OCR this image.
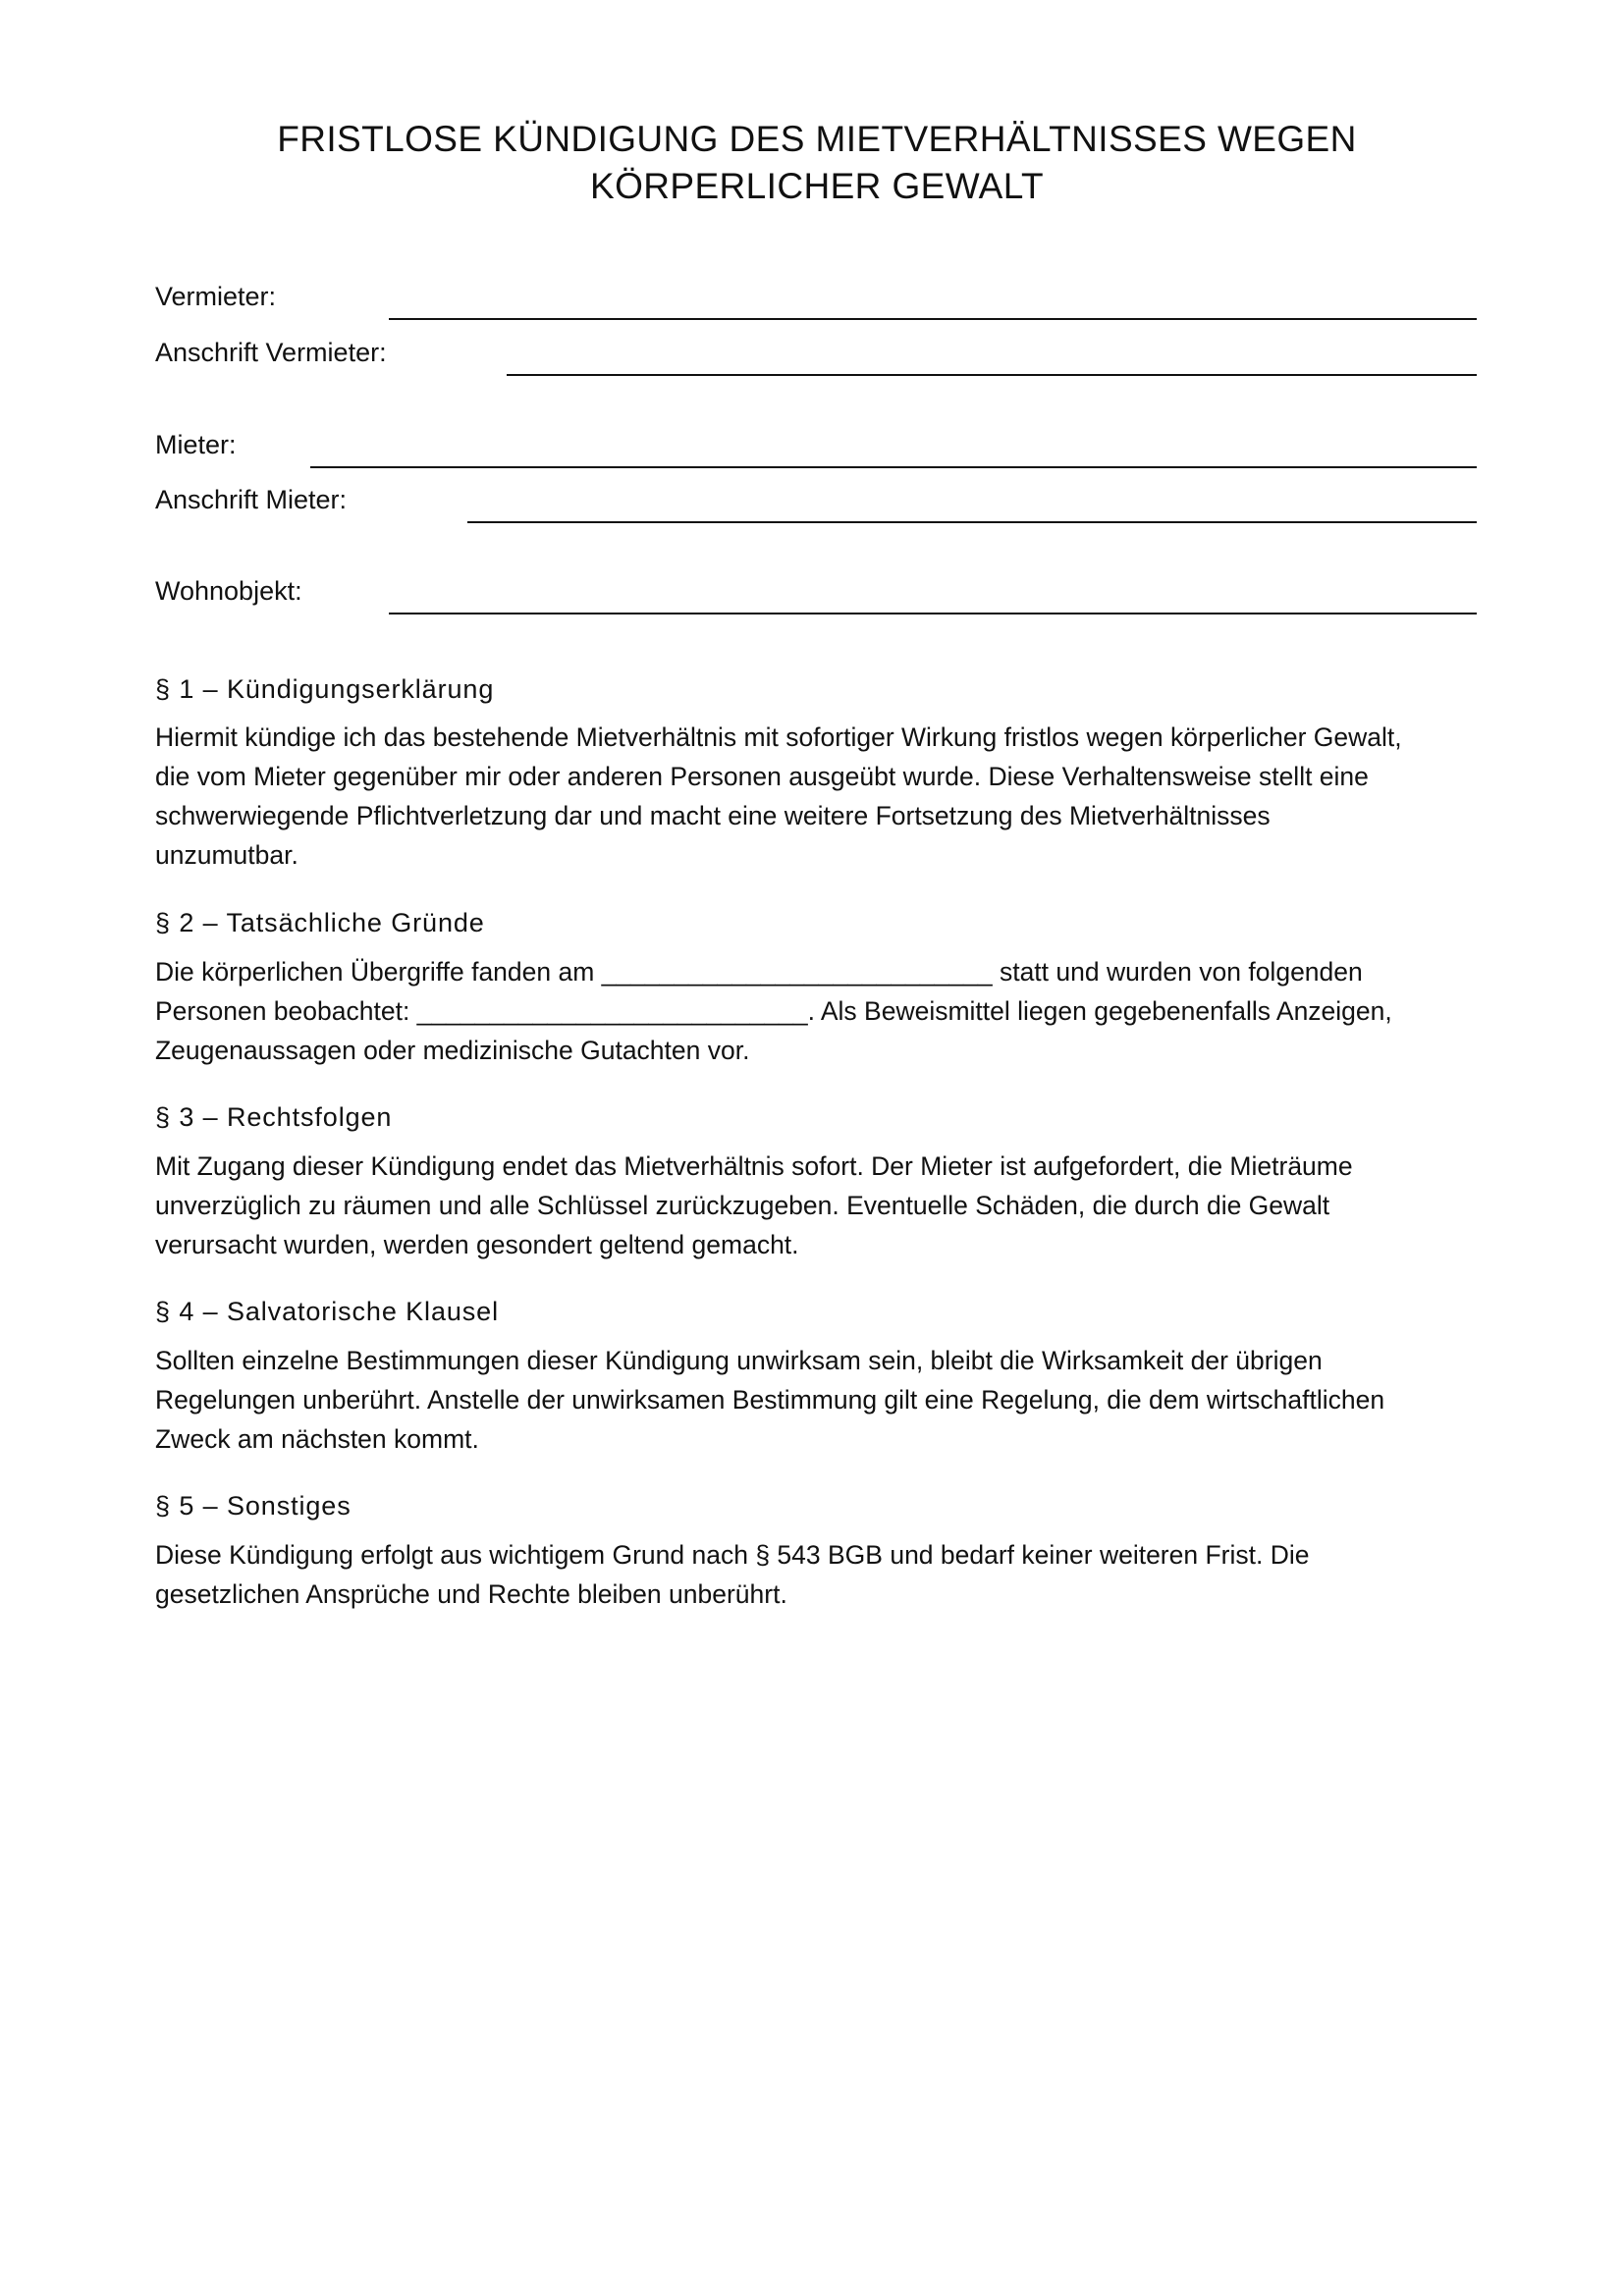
FRISTLOSE KÜNDIGUNG DES MIETVERHÄLTNISSES WEGEN
KÖRPERLICHER GEWALT
Vermieter:
Anschrift Vermieter:
Mieter:
Anschrift Mieter:
Wohnobjekt:
§ 1 – Kündigungserklärung
Hiermit kündige ich das bestehende Mietverhältnis mit sofortiger Wirkung fristlos wegen körperlicher Gewalt,
die vom Mieter gegenüber mir oder anderen Personen ausgeübt wurde. Diese Verhaltensweise stellt eine
schwerwiegende Pflichtverletzung dar und macht eine weitere Fortsetzung des Mietverhältnisses
unzumutbar.
§ 2 – Tatsächliche Gründe
Die körperlichen Übergriffe fanden am ___________________________ statt und wurden von folgenden
Personen beobachtet: ___________________________. Als Beweismittel liegen gegebenenfalls Anzeigen,
Zeugenaussagen oder medizinische Gutachten vor.
§ 3 – Rechtsfolgen
Mit Zugang dieser Kündigung endet das Mietverhältnis sofort. Der Mieter ist aufgefordert, die Mieträume
unverzüglich zu räumen und alle Schlüssel zurückzugeben. Eventuelle Schäden, die durch die Gewalt
verursacht wurden, werden gesondert geltend gemacht.
§ 4 – Salvatorische Klausel
Sollten einzelne Bestimmungen dieser Kündigung unwirksam sein, bleibt die Wirksamkeit der übrigen
Regelungen unberührt. Anstelle der unwirksamen Bestimmung gilt eine Regelung, die dem wirtschaftlichen
Zweck am nächsten kommt.
§ 5 – Sonstiges
Diese Kündigung erfolgt aus wichtigem Grund nach § 543 BGB und bedarf keiner weiteren Frist. Die
gesetzlichen Ansprüche und Rechte bleiben unberührt.
